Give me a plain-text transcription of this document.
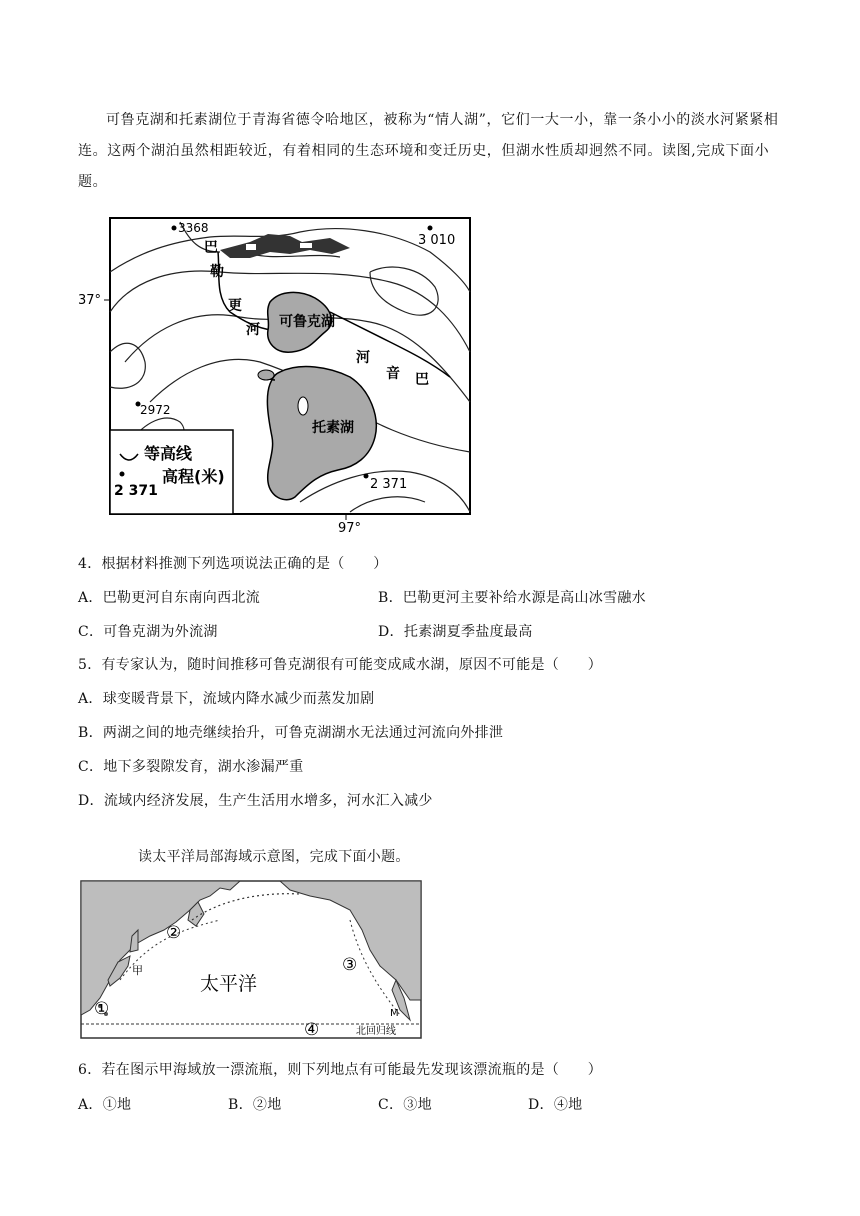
可鲁克湖和托素湖位于青海省德令哈地区，被称为“情人湖”，它们一大一小，靠一条小小的淡水河紧紧相连。这两个湖泊虽然相距较近，有着相同的生态环境和变迁历史，但湖水性质却迥然不同。读图,完成下面小题。

3368
3 010
2972
2 371
37°
97°
巴
勒
更
河 可鲁克湖
托素湖
河
音 巴
等高线
2 371
高程(米)

4．根据材料推测下列选项说法正确的是（　　）

A．巴勒更河自东南向西北流	B．巴勒更河主要补给水源是高山冰雪融水

C．可鲁克湖为外流湖	D．托素湖夏季盐度最高

5．有专家认为，随时间推移可鲁克湖很有可能变成咸水湖，原因不可能是（　　）

A．球变暖背景下，流域内降水减少而蒸发加剧

B．两湖之间的地壳继续抬升，可鲁克湖湖水无法通过河流向外排泄

C．地下多裂隙发育，湖水渗漏严重

D．流域内经济发展，生产生活用水增多，河水汇入减少

读太平洋局部海域示意图，完成下面小题。

太平洋
甲
①
②
③
④
M
北回归线

6．若在图示甲海域放一漂流瓶，则下列地点有可能最先发现该漂流瓶的是（　　）

A．①地	B．②地	C．③地	D．④地
